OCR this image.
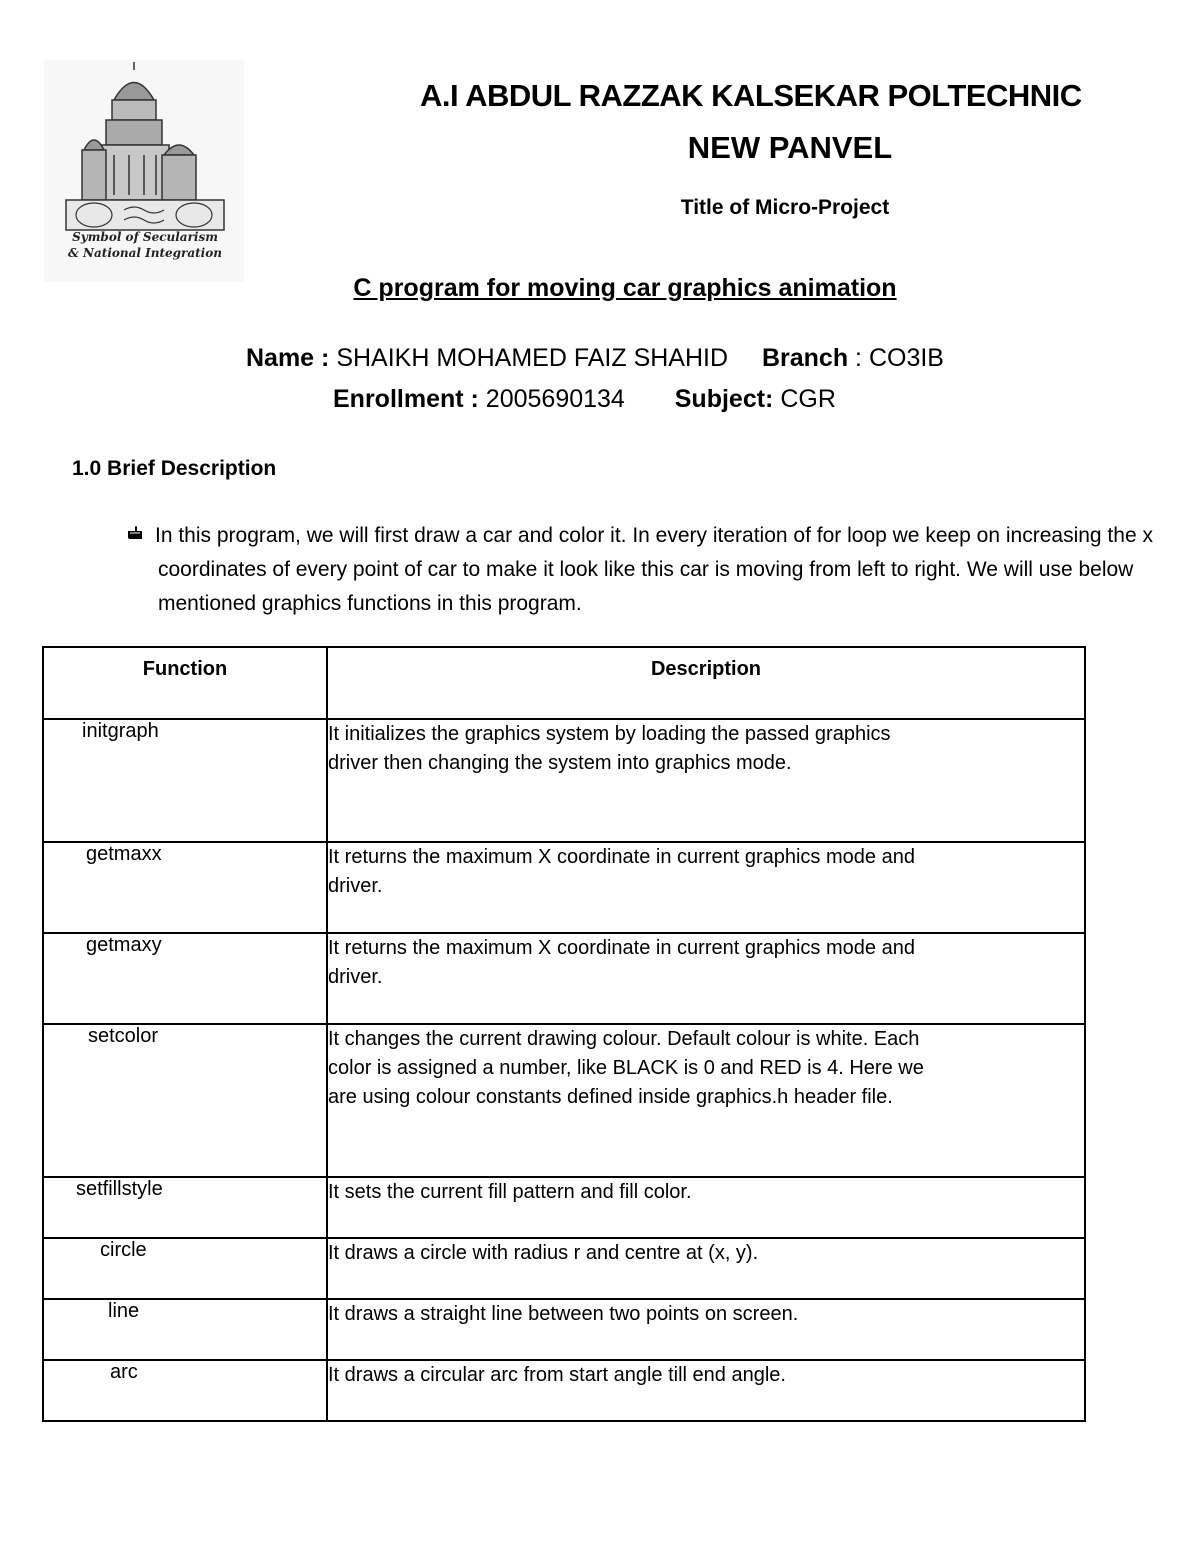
Symbol of Secularism
& National Integration
A.I ABDUL RAZZAK KALSEKAR POLTECHNIC
NEW PANVEL
Title of Micro-Project
C program for moving car graphics animation
Name : SHAIKH MOHAMED FAIZ SHAHID Branch : CO3IB
Enrollment : 2005690134 Subject: CGR
1.0 Brief Description
In this program, we will first draw a car and color it. In every iteration of for loop we keep on increasing the x coordinates of every point of car to make it look like this car is moving from left to right. We will use below mentioned graphics functions in this program.
Function	Description
initgraph	It initializes the graphics system by loading the passed graphics driver then changing the system into graphics mode.

getmaxx	It returns the maximum X coordinate in current graphics mode and driver.

getmaxy	It returns the maximum X coordinate in current graphics mode and driver.

setcolor	It changes the current drawing colour. Default colour is white. Each color is assigned a number, like BLACK is 0 and RED is 4. Here we are using colour constants defined inside graphics.h header file.

setfillstyle	It sets the current fill pattern and fill color.

circle	It draws a circle with radius r and centre at (x, y).

line	It draws a straight line between two points on screen.

arc	It draws a circular arc from start angle till end angle.
